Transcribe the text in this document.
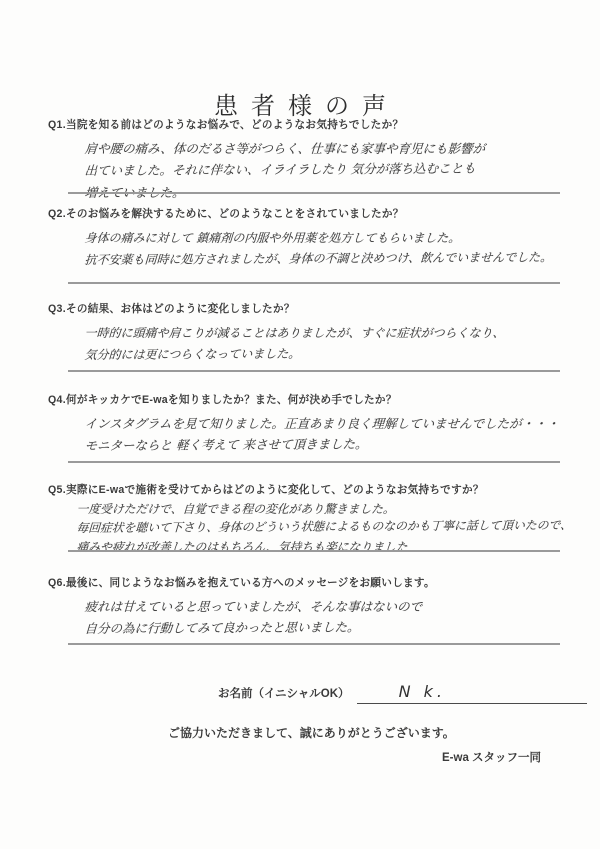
患者様の声
Q1.当院を知る前はどのようなお悩みで、どのようなお気持ちでしたか？
肩や腰の痛み、体のだるさ等がつらく、仕事にも家事や育児にも影響が
出ていました。それに伴ない、イライラしたり 気分が落ち込むことも
増えていました。
Q2.そのお悩みを解決するために、どのようなことをされていましたか？
身体の痛みに対して 鎮痛剤の内服や外用薬を処方してもらいました。
抗不安薬も同時に処方されましたが、身体の不調と決めつけ、飲んでいませんでした。
Q3.その結果、お体はどのように変化しましたか？
一時的に頭痛や肩こりが減ることはありましたが、すぐに症状がつらくなり、
気分的には更につらくなっていました。
Q4.何がキッカケでE-waを知りましたか？また、何が決め手でしたか？
インスタグラムを見て知りました。正直あまり良く理解していませんでしたが・・・
モニターならと 軽く考えて 来させて頂きました。
Q5.実際にE-waで施術を受けてからはどのように変化して、どのようなお気持ちですか？
一度受けただけで、自覚できる程の変化があり驚きました。
毎回症状を聴いて下さり、身体のどういう状態によるものなのかも丁寧に話して頂いたので、
痛みや疲れが改善したのはもちろん、気持ちも楽になりました
Q6.最後に、同じようなお悩みを抱えている方へのメッセージをお願いします。
疲れは甘えていると思っていましたが、そんな事はないので
自分の為に行動してみて良かったと思いました。
お名前（イニシャルOK）	N k.
ご協力いただきまして、誠にありがとうございます。
E-wa スタッフ一同
